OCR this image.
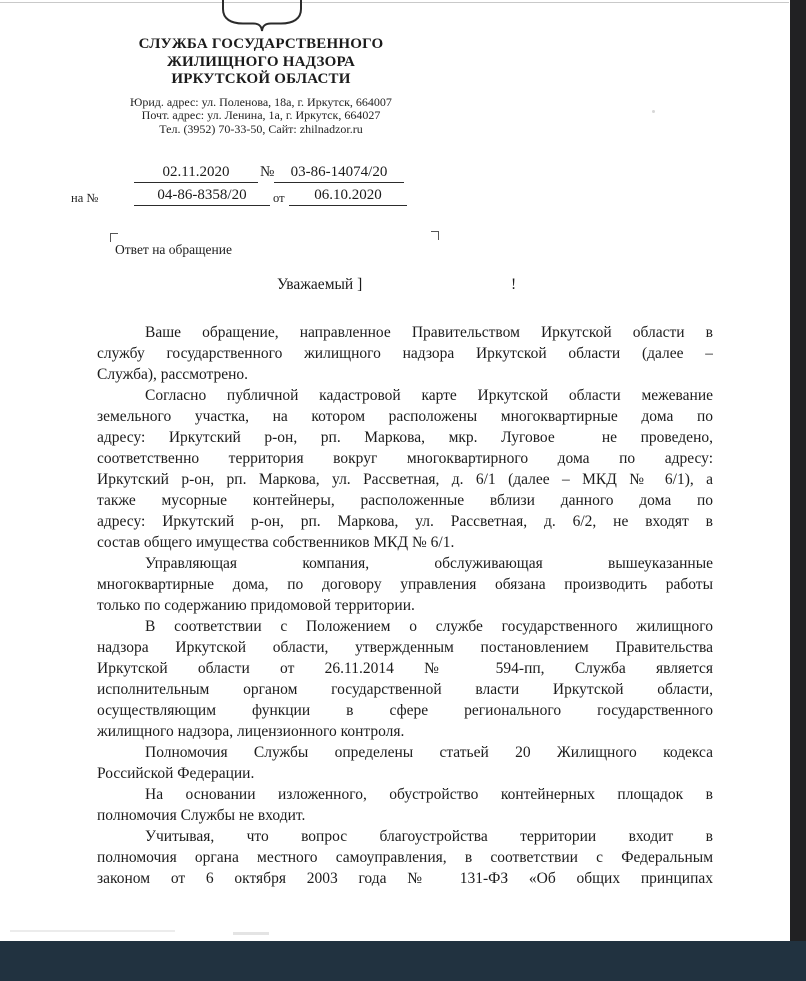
СЛУЖБА ГОСУДАРСТВЕННОГО
ЖИЛИЩНОГО НАДЗОРА
ИРКУТСКОЙ ОБЛАСТИ
Юрид. адрес: ул. Поленова, 18а, г. Иркутск, 664007
Почт. адрес: ул. Ленина, 1а, г. Иркутск, 664027
Тел. (3952) 70-33-50, Сайт: zhilnadzor.ru
02.11.2020	№	03-86-14074/20
на №	04-86-8358/20	от	06.10.2020
Ответ на обращение
Уважаемый ]	!
Ваше обращение, направленное Правительством Иркутской области в
службу государственного жилищного надзора Иркутской области (далее –
Служба), рассмотрено.
Согласно публичной кадастровой карте Иркутской области межевание
земельного участка, на котором расположены многоквартирные дома по
адресу: Иркутский р-он, рп. Маркова, мкр. Луговое  не проведено,
соответственно территория вокруг многоквартирного дома по адресу:
Иркутский р-он, рп. Маркова, ул. Рассветная, д. 6/1 (далее – МКД № 6/1), а
также мусорные контейнеры, расположенные вблизи данного дома по
адресу: Иркутский р-он, рп. Маркова, ул. Рассветная, д. 6/2, не входят в
состав общего имущества собственников МКД № 6/1.
Управляющая компания, обслуживающая вышеуказанные
многоквартирные дома, по договору управления обязана производить работы
только по содержанию придомовой территории.
В соответствии с Положением о службе государственного жилищного
надзора Иркутской области, утвержденным постановлением Правительства
Иркутской области от 26.11.2014 № 594-пп, Служба является
исполнительным органом государственной власти Иркутской области,
осуществляющим функции в сфере регионального государственного
жилищного надзора, лицензионного контроля.
Полномочия Службы определены статьей 20 Жилищного кодекса
Российской Федерации.
На основании изложенного, обустройство контейнерных площадок в
полномочия Службы не входит.
Учитывая, что вопрос благоустройства территории входит в
полномочия органа местного самоуправления, в соответствии с Федеральным
законом от 6 октября 2003 года № 131-ФЗ «Об общих принципах
